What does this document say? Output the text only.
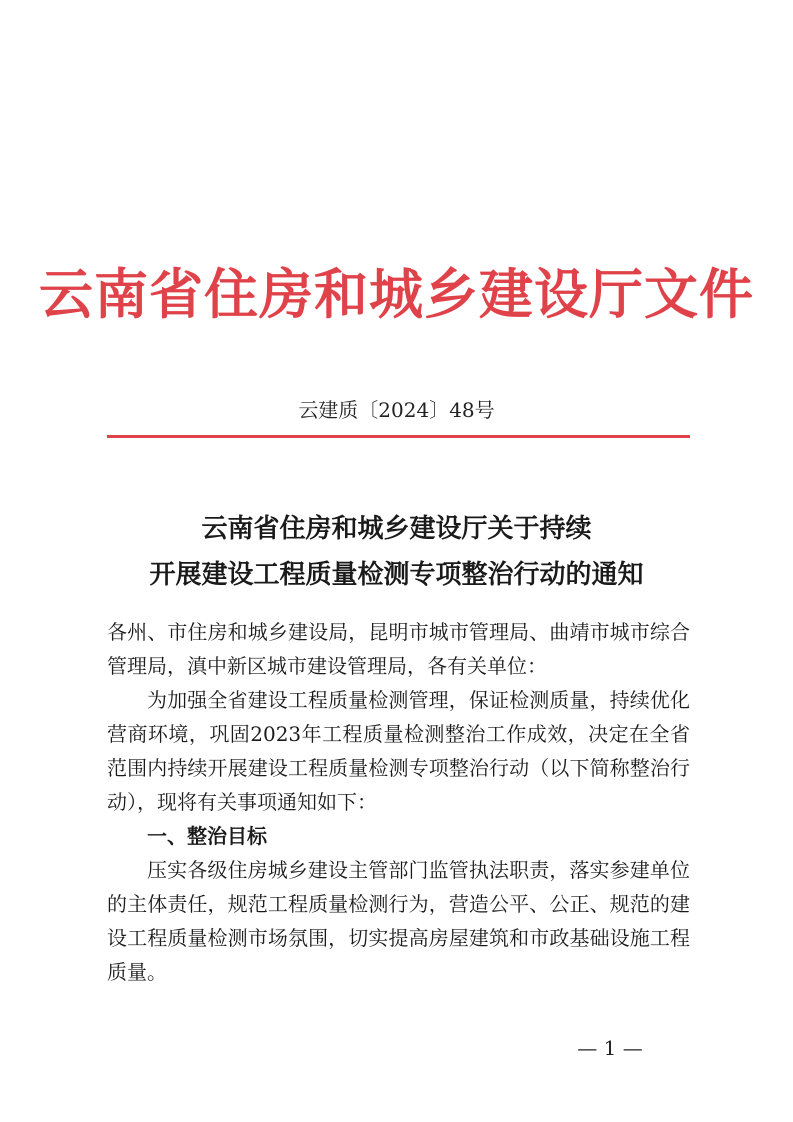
云南省住房和城乡建设厅文件
云建质〔2024〕48号
云南省住房和城乡建设厅关于持续
开展建设工程质量检测专项整治行动的通知

各州、市住房和城乡建设局，昆明市城市管理局、曲靖市城市综合管理局，滇中新区城市建设管理局，各有关单位：

为加强全省建设工程质量检测管理，保证检测质量，持续优化营商环境，巩固2023年工程质量检测整治工作成效，决定在全省范围内持续开展建设工程质量检测专项整治行动（以下简称整治行动），现将有关事项通知如下：

一、整治目标

压实各级住房城乡建设主管部门监管执法职责，落实参建单位的主体责任，规范工程质量检测行为，营造公平、公正、规范的建设工程质量检测市场氛围，切实提高房屋建筑和市政基础设施工程质量。

— 1 —
